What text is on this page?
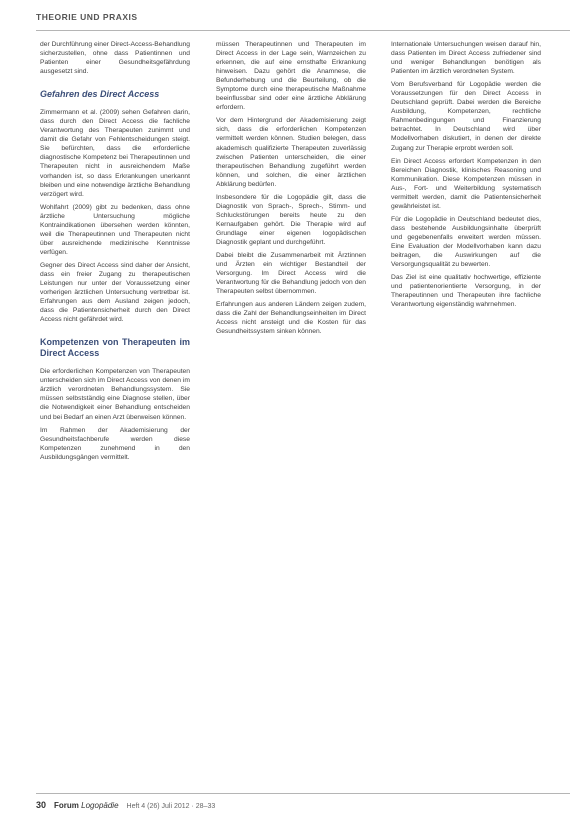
THEORIE UND PRAXIS

der Durchführung einer Direct-Access-Behandlung sicherzustellen, ohne dass Patientinnen und Patienten einer Gesundheitsgefährdung ausgesetzt sind.

Gefahren des Direct Access

Zimmermann et al. (2009) sehen Gefahren darin, dass durch den Direct Access die fachliche Verantwortung des Therapeuten zunimmt und damit die Gefahr von Fehlentscheidungen steigt. Sie befürchten, dass die erforderliche diagnostische Kompetenz bei Therapeutinnen und Therapeuten nicht in ausreichendem Maße vorhanden ist, so dass Erkrankungen unerkannt bleiben und eine notwendige ärztliche Behandlung verzögert wird.

Wohlfahrt (2009) gibt zu bedenken, dass ohne ärztliche Untersuchung mögliche Kontraindikationen übersehen werden könnten, weil die Therapeutinnen und Therapeuten nicht über ausreichende medizinische Kenntnisse verfügen.

Gegner des Direct Access sind daher der Ansicht, dass ein freier Zugang zu therapeutischen Leistungen nur unter der Voraussetzung einer vorherigen ärztlichen Untersuchung vertretbar ist. Erfahrungen aus dem Ausland zeigen jedoch, dass die Patientensicherheit durch den Direct Access nicht gefährdet wird.

Kompetenzen von Therapeuten im Direct Access

Die erforderlichen Kompetenzen von Therapeuten unterscheiden sich im Direct Access von denen im ärztlich verordneten Behandlungssystem. Sie müssen selbstständig eine Diagnose stellen, über die Notwendigkeit einer Behandlung entscheiden und bei Bedarf an einen Arzt überweisen können.

Im Rahmen der Akademisierung der Gesundheitsfachberufe werden diese Kompetenzen zunehmend in den Ausbildungsgängen vermittelt.

müssen Therapeutinnen und Therapeuten im Direct Access in der Lage sein, Warnzeichen zu erkennen, die auf eine ernsthafte Erkrankung hinweisen. Dazu gehört die Anamnese, die Befunderhebung und die Beurteilung, ob die Symptome durch eine therapeutische Maßnahme beeinflussbar sind oder eine ärztliche Abklärung erfordern.

Vor dem Hintergrund der Akademisierung zeigt sich, dass die erforderlichen Kompetenzen vermittelt werden können. Studien belegen, dass akademisch qualifizierte Therapeuten zuverlässig zwischen Patienten unterscheiden, die einer therapeutischen Behandlung zugeführt werden können, und solchen, die einer ärztlichen Abklärung bedürfen.

Insbesondere für die Logopädie gilt, dass die Diagnostik von Sprach-, Sprech-, Stimm- und Schluckstörungen bereits heute zu den Kernaufgaben gehört. Die Therapie wird auf Grundlage einer eigenen logopädischen Diagnostik geplant und durchgeführt.

Dabei bleibt die Zusammenarbeit mit Ärztinnen und Ärzten ein wichtiger Bestandteil der Versorgung. Im Direct Access wird die Verantwortung für die Behandlung jedoch von den Therapeuten selbst übernommen.

Erfahrungen aus anderen Ländern zeigen zudem, dass die Zahl der Behandlungseinheiten im Direct Access nicht ansteigt und die Kosten für das Gesundheitssystem sinken können.

Internationale Untersuchungen weisen darauf hin, dass Patienten im Direct Access zufriedener sind und weniger Behandlungen benötigen als Patienten im ärztlich verordneten System.

Vom Berufsverband für Logopädie werden die Voraussetzungen für den Direct Access in Deutschland geprüft. Dabei werden die Bereiche Ausbildung, Kompetenzen, rechtliche Rahmenbedingungen und Finanzierung betrachtet. In Deutschland wird über Modellvorhaben diskutiert, in denen der direkte Zugang zur Therapie erprobt werden soll.

Ein Direct Access erfordert Kompetenzen in den Bereichen Diagnostik, klinisches Reasoning und Kommunikation. Diese Kompetenzen müssen in Aus-, Fort- und Weiterbildung systematisch vermittelt werden, damit die Patientensicherheit gewährleistet ist.

Für die Logopädie in Deutschland bedeutet dies, dass bestehende Ausbildungsinhalte überprüft und gegebenenfalls erweitert werden müssen. Eine Evaluation der Modellvorhaben kann dazu beitragen, die Auswirkungen auf die Versorgungsqualität zu bewerten.

Das Ziel ist eine qualitativ hochwertige, effiziente und patientenorientierte Versorgung, in der Therapeutinnen und Therapeuten ihre fachliche Verantwortung eigenständig wahrnehmen.

30 Forum Logopädie Heft 4 (26) Juli 2012 · 28–33
